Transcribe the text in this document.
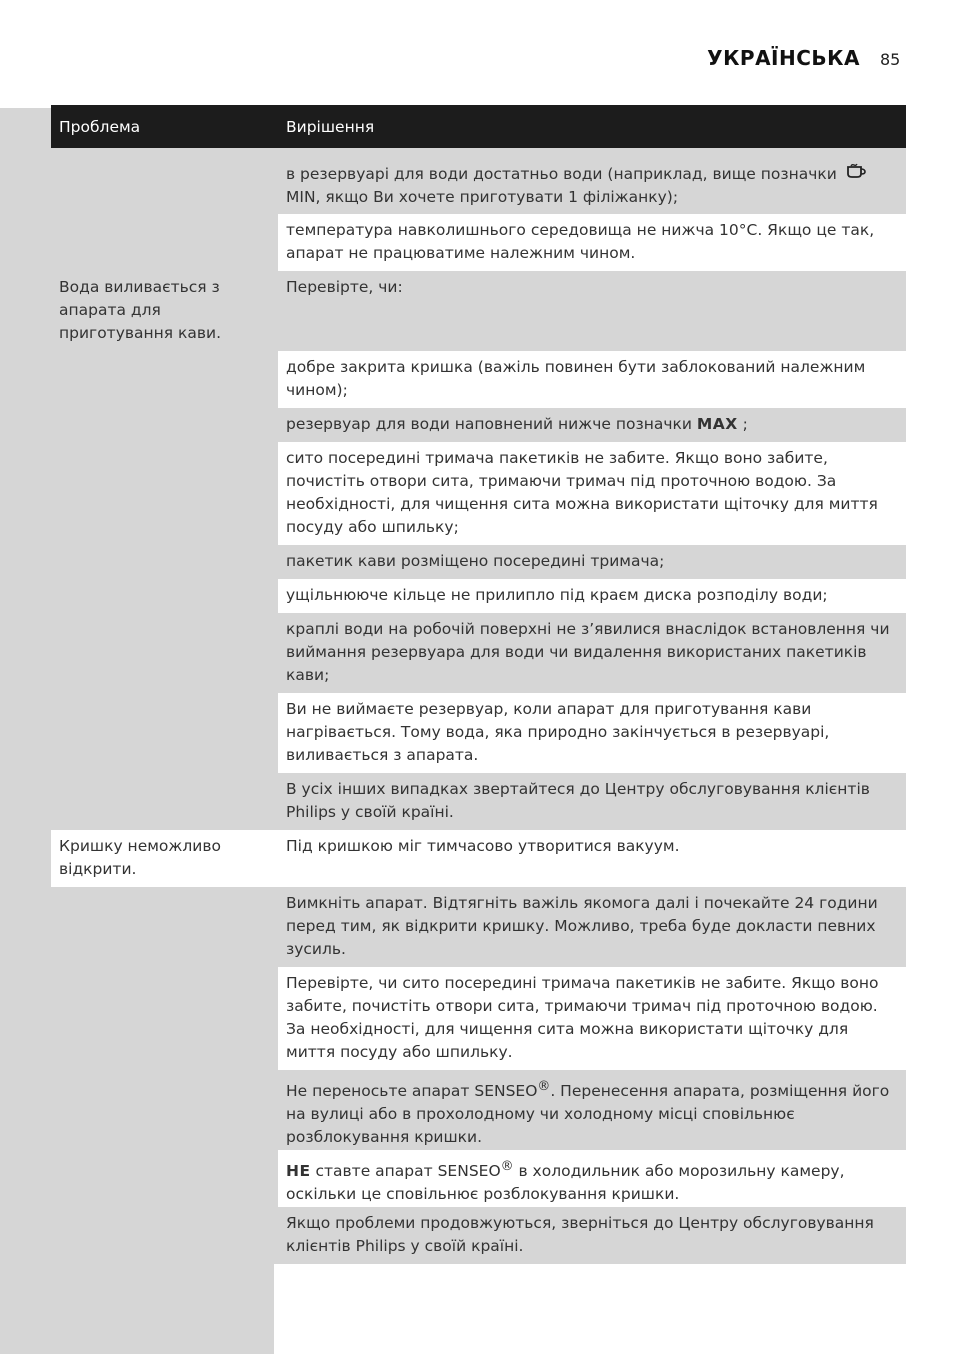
УКРАЇНСЬКА 85
Проблема	Вирішення
в резервуарі для води достатньо води (наприклад, вище позначки
MIN, якщо Ви хочете приготувати 1 філіжанку);
температура навколишнього середовища не нижча 10°C. Якщо це так, апарат не працюватиме належним чином.
Вода виливається з апарата для приготування кави.
Перевірте, чи:
добре закрита кришка (важіль повинен бути заблокований належним чином);
резервуар для води наповнений нижче позначки MAX ;
сито посередині тримача пакетиків не забите. Якщо воно забите, почистіть отвори сита, тримаючи тримач під проточною водою. За необхідності, для чищення сита можна використати щіточку для миття посуду або шпильку;
пакетик кави розміщено посередині тримача;
ущільнююче кільце не прилипло під краєм диска розподілу води;
краплі води на робочій поверхні не з’явилися внаслідок встановлення чи виймання резервуара для води чи видалення використаних пакетиків кави;
Ви не виймаєте резервуар, коли апарат для приготування кави нагрівається. Тому вода, яка природно закінчується в резервуарі, виливається з апарата.
В усіх інших випадках звертайтеся до Центру обслуговування клієнтів Philips у своїй країні.
Кришку неможливо відкрити.
Під кришкою міг тимчасово утворитися вакуум.
Вимкніть апарат. Відтягніть важіль якомога далі і почекайте 24 години перед тим, як відкрити кришку. Можливо, треба буде докласти певних зусиль.
Перевірте, чи сито посередині тримача пакетиків не забите. Якщо воно забите, почистіть отвори сита, тримаючи тримач під проточною водою. За необхідності, для чищення сита можна використати щіточку для миття посуду або шпильку.
Не переносьте апарат SENSEO®. Перенесення апарата, розміщення його на вулиці або в прохолодному чи холодному місці сповільнює розблокування кришки.
НЕ ставте апарат SENSEO® в холодильник або морозильну камеру, оскільки це сповільнює розблокування кришки.
Якщо проблеми продовжуються, зверніться до Центру обслуговування клієнтів Philips у своїй країні.
